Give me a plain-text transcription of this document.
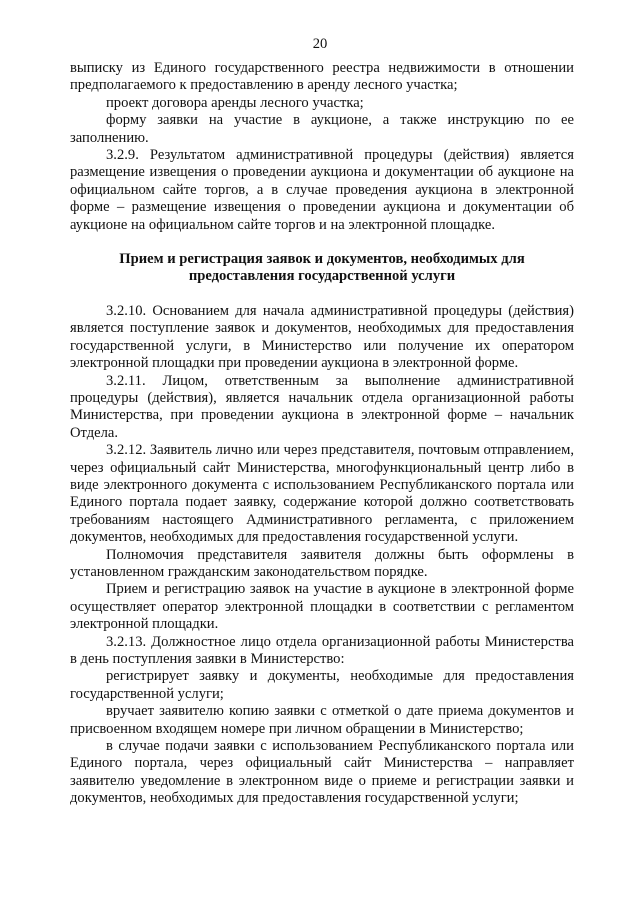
20

выписку из Единого государственного реестра недвижимости в отношении предполагаемого к предоставлению в аренду лесного участка;

проект договора аренды лесного участка;

форму заявки на участие в аукционе, а также инструкцию по ее заполнению.

3.2.9. Результатом административной процедуры (действия) является размещение извещения о проведении аукциона и документации об аукционе на официальном сайте торгов, а в случае проведения аукциона в электронной форме – размещение извещения о проведении аукциона и документации об аукционе на официальном сайте торгов и на электронной площадке.

Прием и регистрация заявок и документов, необходимых для предоставления государственной услуги

3.2.10. Основанием для начала административной процедуры (действия) является поступление заявок и документов, необходимых для предоставления государственной услуги, в Министерство или получение их оператором электронной площадки при проведении аукциона в электронной форме.

3.2.11. Лицом, ответственным за выполнение административной процедуры (действия), является начальник отдела организационной работы Министерства, при проведении аукциона в электронной форме – начальник Отдела.

3.2.12. Заявитель лично или через представителя, почтовым отправлением, через официальный сайт Министерства, многофункциональный центр либо в виде электронного документа с использованием Республиканского портала или Единого портала подает заявку, содержание которой должно соответствовать требованиям настоящего Административного регламента, с приложением документов, необходимых для предоставления государственной услуги.

Полномочия представителя заявителя должны быть оформлены в установленном гражданским законодательством порядке.

Прием и регистрацию заявок на участие в аукционе в электронной форме осуществляет оператор электронной площадки в соответствии с регламентом электронной площадки.

3.2.13. Должностное лицо отдела организационной работы Министерства в день поступления заявки в Министерство:

регистрирует заявку и документы, необходимые для предоставления государственной услуги;

вручает заявителю копию заявки с отметкой о дате приема документов и присвоенном входящем номере при личном обращении в Министерство;

в случае подачи заявки с использованием Республиканского портала или Единого портала, через официальный сайт Министерства – направляет заявителю уведомление в электронном виде о приеме и регистрации заявки и документов, необходимых для предоставления государственной услуги;
